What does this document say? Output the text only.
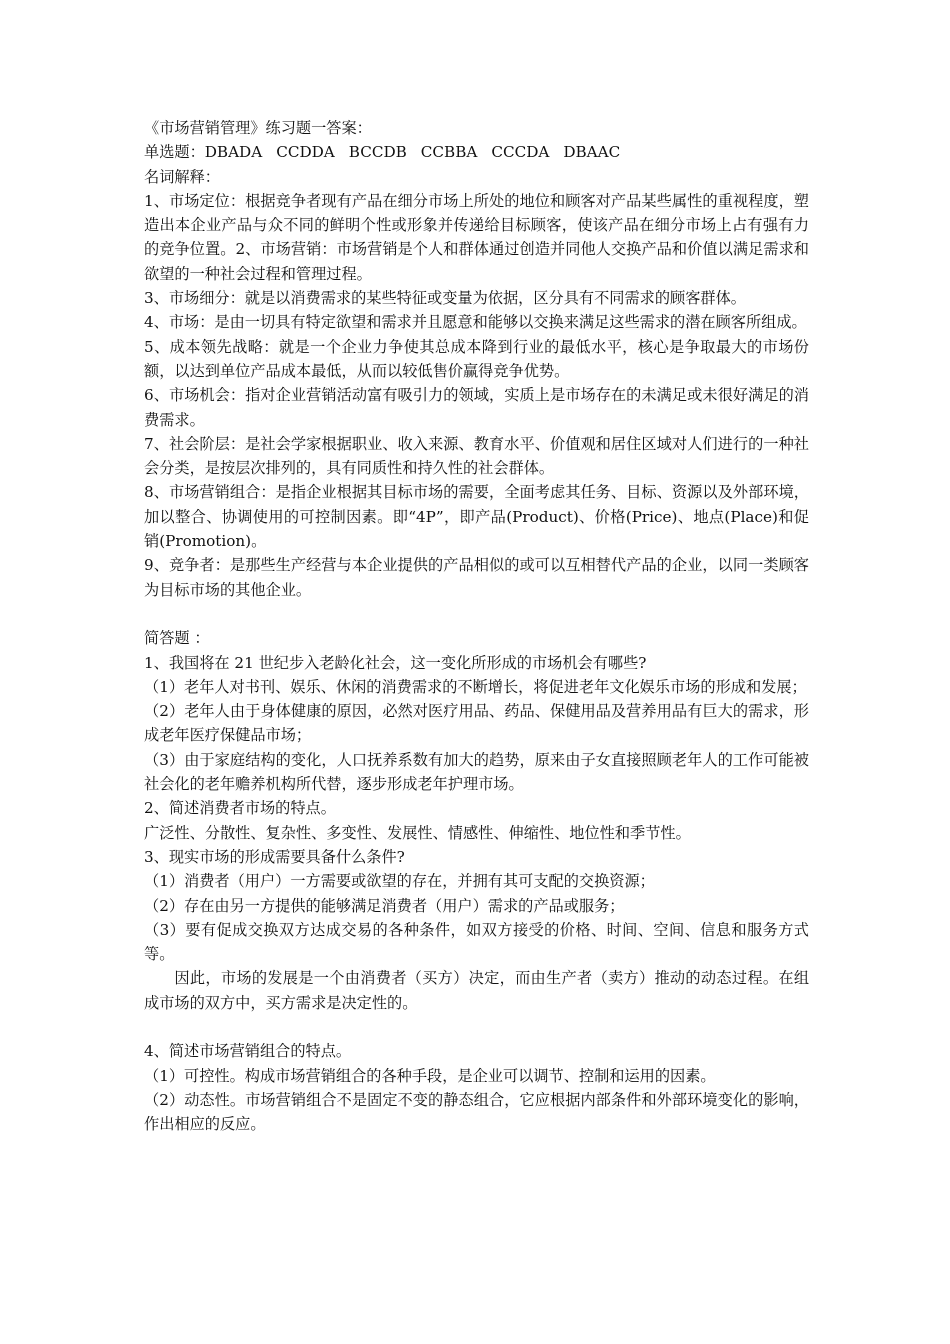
《市场营销管理》练习题一答案：

单选题：DBADA CCDDA BCCDB CCBBA CCCDA DBAAC

名词解释：

1、市场定位：根据竞争者现有产品在细分市场上所处的地位和顾客对产品某些属性的重视程度，塑造出本企业产品与众不同的鲜明个性或形象并传递给目标顾客，使该产品在细分市场上占有强有力的竞争位置。2、市场营销：市场营销是个人和群体通过创造并同他人交换产品和价值以满足需求和欲望的一种社会过程和管理过程。

3、市场细分：就是以消费需求的某些特征或变量为依据，区分具有不同需求的顾客群体。

4、市场：是由一切具有特定欲望和需求并且愿意和能够以交换来满足这些需求的潜在顾客所组成。

5、成本领先战略：就是一个企业力争使其总成本降到行业的最低水平，核心是争取最大的市场份额，以达到单位产品成本最低，从而以较低售价赢得竞争优势。

6、市场机会：指对企业营销活动富有吸引力的领域，实质上是市场存在的未满足或未很好满足的消费需求。

7、社会阶层：是社会学家根据职业、收入来源、教育水平、价值观和居住区域对人们进行的一种社会分类，是按层次排列的，具有同质性和持久性的社会群体。

8、市场营销组合：是指企业根据其目标市场的需要，全面考虑其任务、目标、资源以及外部环境，加以整合、协调使用的可控制因素。即“4P”，即产品(Product)、价格(Price)、地点(Place)和促销(Promotion)。

9、竞争者：是那些生产经营与本企业提供的产品相似的或可以互相替代产品的企业，以同一类顾客为目标市场的其他企业。

简答题 ：

1、我国将在 21 世纪步入老龄化社会，这一变化所形成的市场机会有哪些?

（1）老年人对书刊、娱乐、休闲的消费需求的不断增长，将促进老年文化娱乐市场的形成和发展；

（2）老年人由于身体健康的原因，必然对医疗用品、药品、保健用品及营养用品有巨大的需求，形成老年医疗保健品市场；

（3）由于家庭结构的变化，人口抚养系数有加大的趋势，原来由子女直接照顾老年人的工作可能被社会化的老年赡养机构所代替，逐步形成老年护理市场。

2、简述消费者市场的特点。

广泛性、分散性、复杂性、多变性、发展性、情感性、伸缩性、地位性和季节性。

3、现实市场的形成需要具备什么条件?

（1）消费者（用户）一方需要或欲望的存在，并拥有其可支配的交换资源；

（2）存在由另一方提供的能够满足消费者（用户）需求的产品或服务；

（3）要有促成交换双方达成交易的各种条件，如双方接受的价格、时间、空间、信息和服务方式等。

因此，市场的发展是一个由消费者（买方）决定，而由生产者（卖方）推动的动态过程。在组成市场的双方中，买方需求是决定性的。

4、简述市场营销组合的特点。

（1）可控性。构成市场营销组合的各种手段，是企业可以调节、控制和运用的因素。

（2）动态性。市场营销组合不是固定不变的静态组合，它应根据内部条件和外部环境变化的影响，作出相应的反应。
